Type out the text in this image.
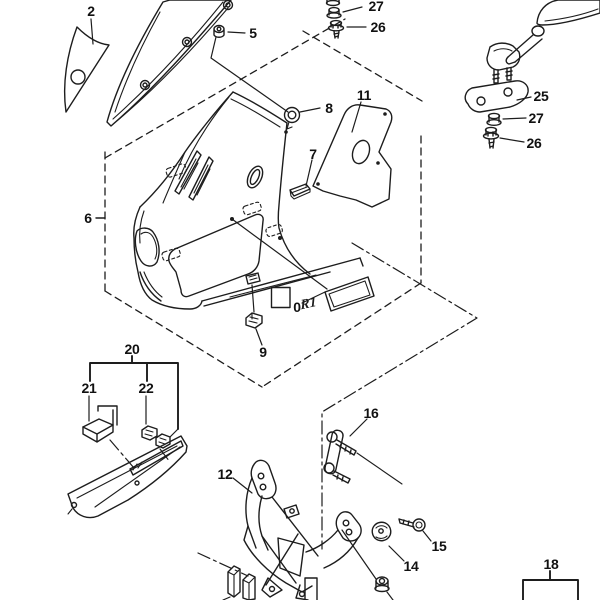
R1
2
5
27
26
25
27
26
8
11
7
6
9
0
20
21	22
12
16
15
14	18
